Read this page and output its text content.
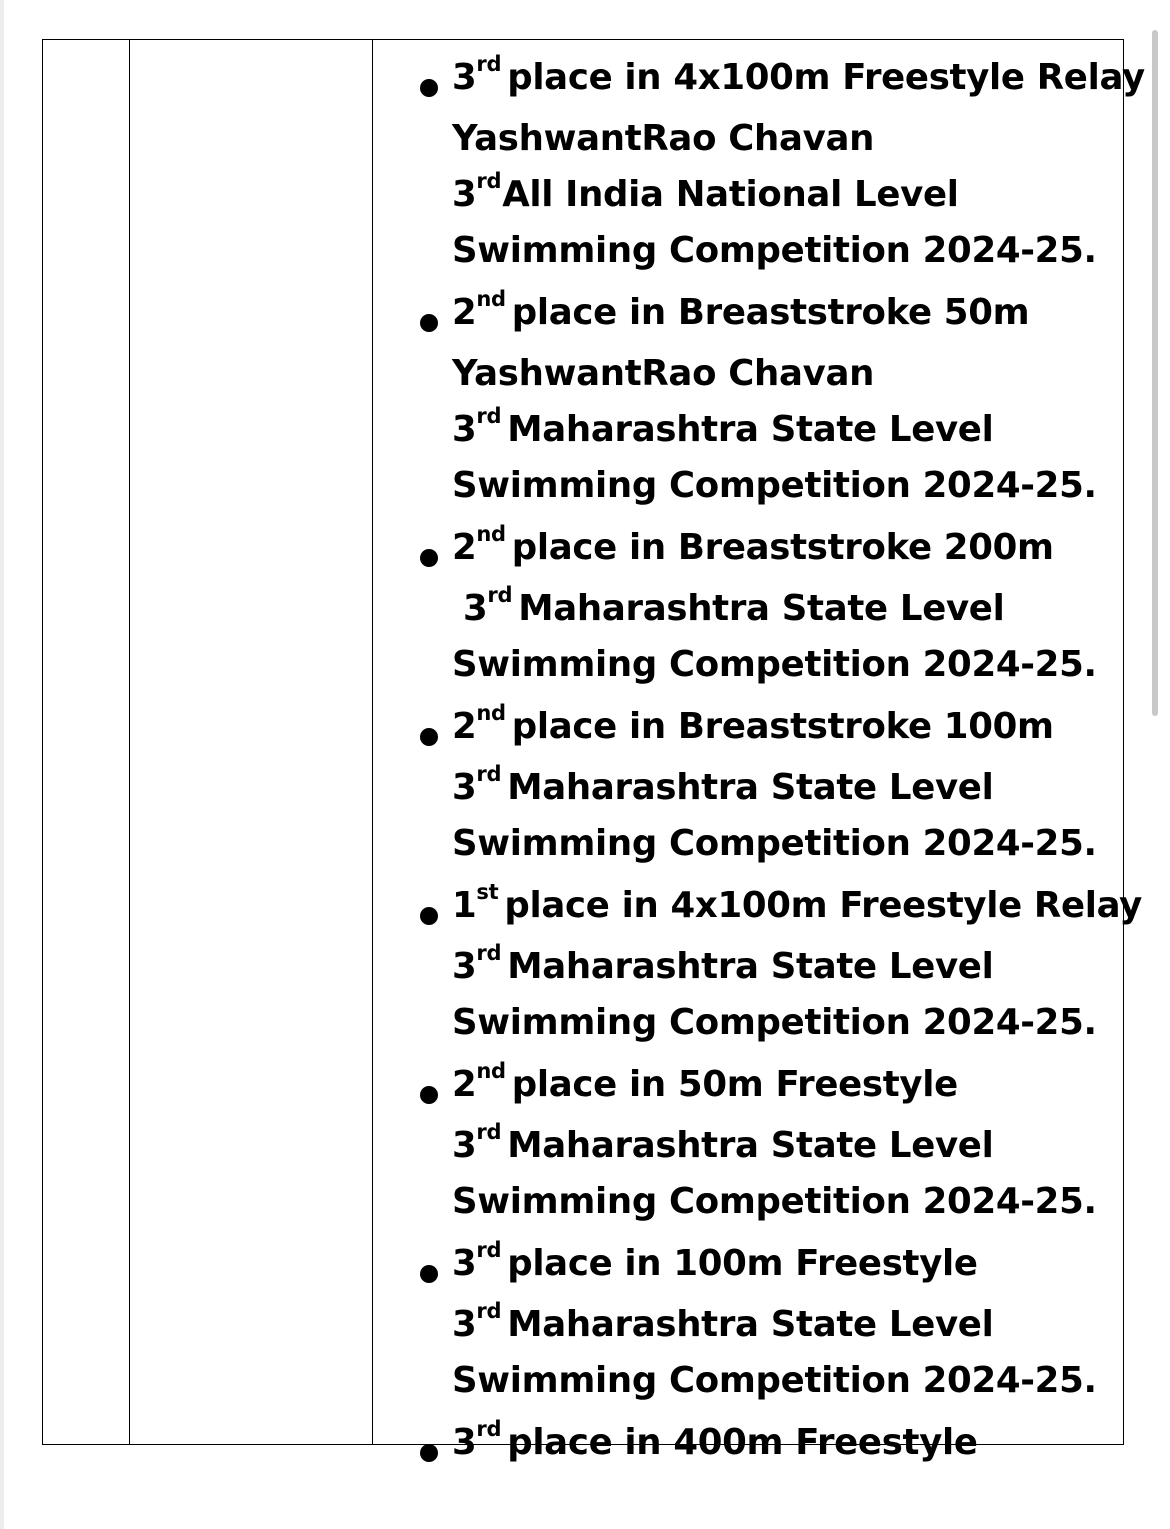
3rd place in 4x100m Freestyle Relay
YashwantRao Chavan
3rdAll India National Level
Swimming Competition 2024-25.
2nd place in Breaststroke 50m
YashwantRao Chavan
3rd Maharashtra State Level
Swimming Competition 2024-25.
2nd place in Breaststroke 200m
3rd Maharashtra State Level
Swimming Competition 2024-25.
2nd place in Breaststroke 100m
3rd Maharashtra State Level
Swimming Competition 2024-25.
1st place in 4x100m Freestyle Relay
3rd Maharashtra State Level
Swimming Competition 2024-25.
2nd place in 50m Freestyle
3rd Maharashtra State Level
Swimming Competition 2024-25.
3rd place in 100m Freestyle
3rd Maharashtra State Level
Swimming Competition 2024-25.
3rd place in 400m Freestyle
